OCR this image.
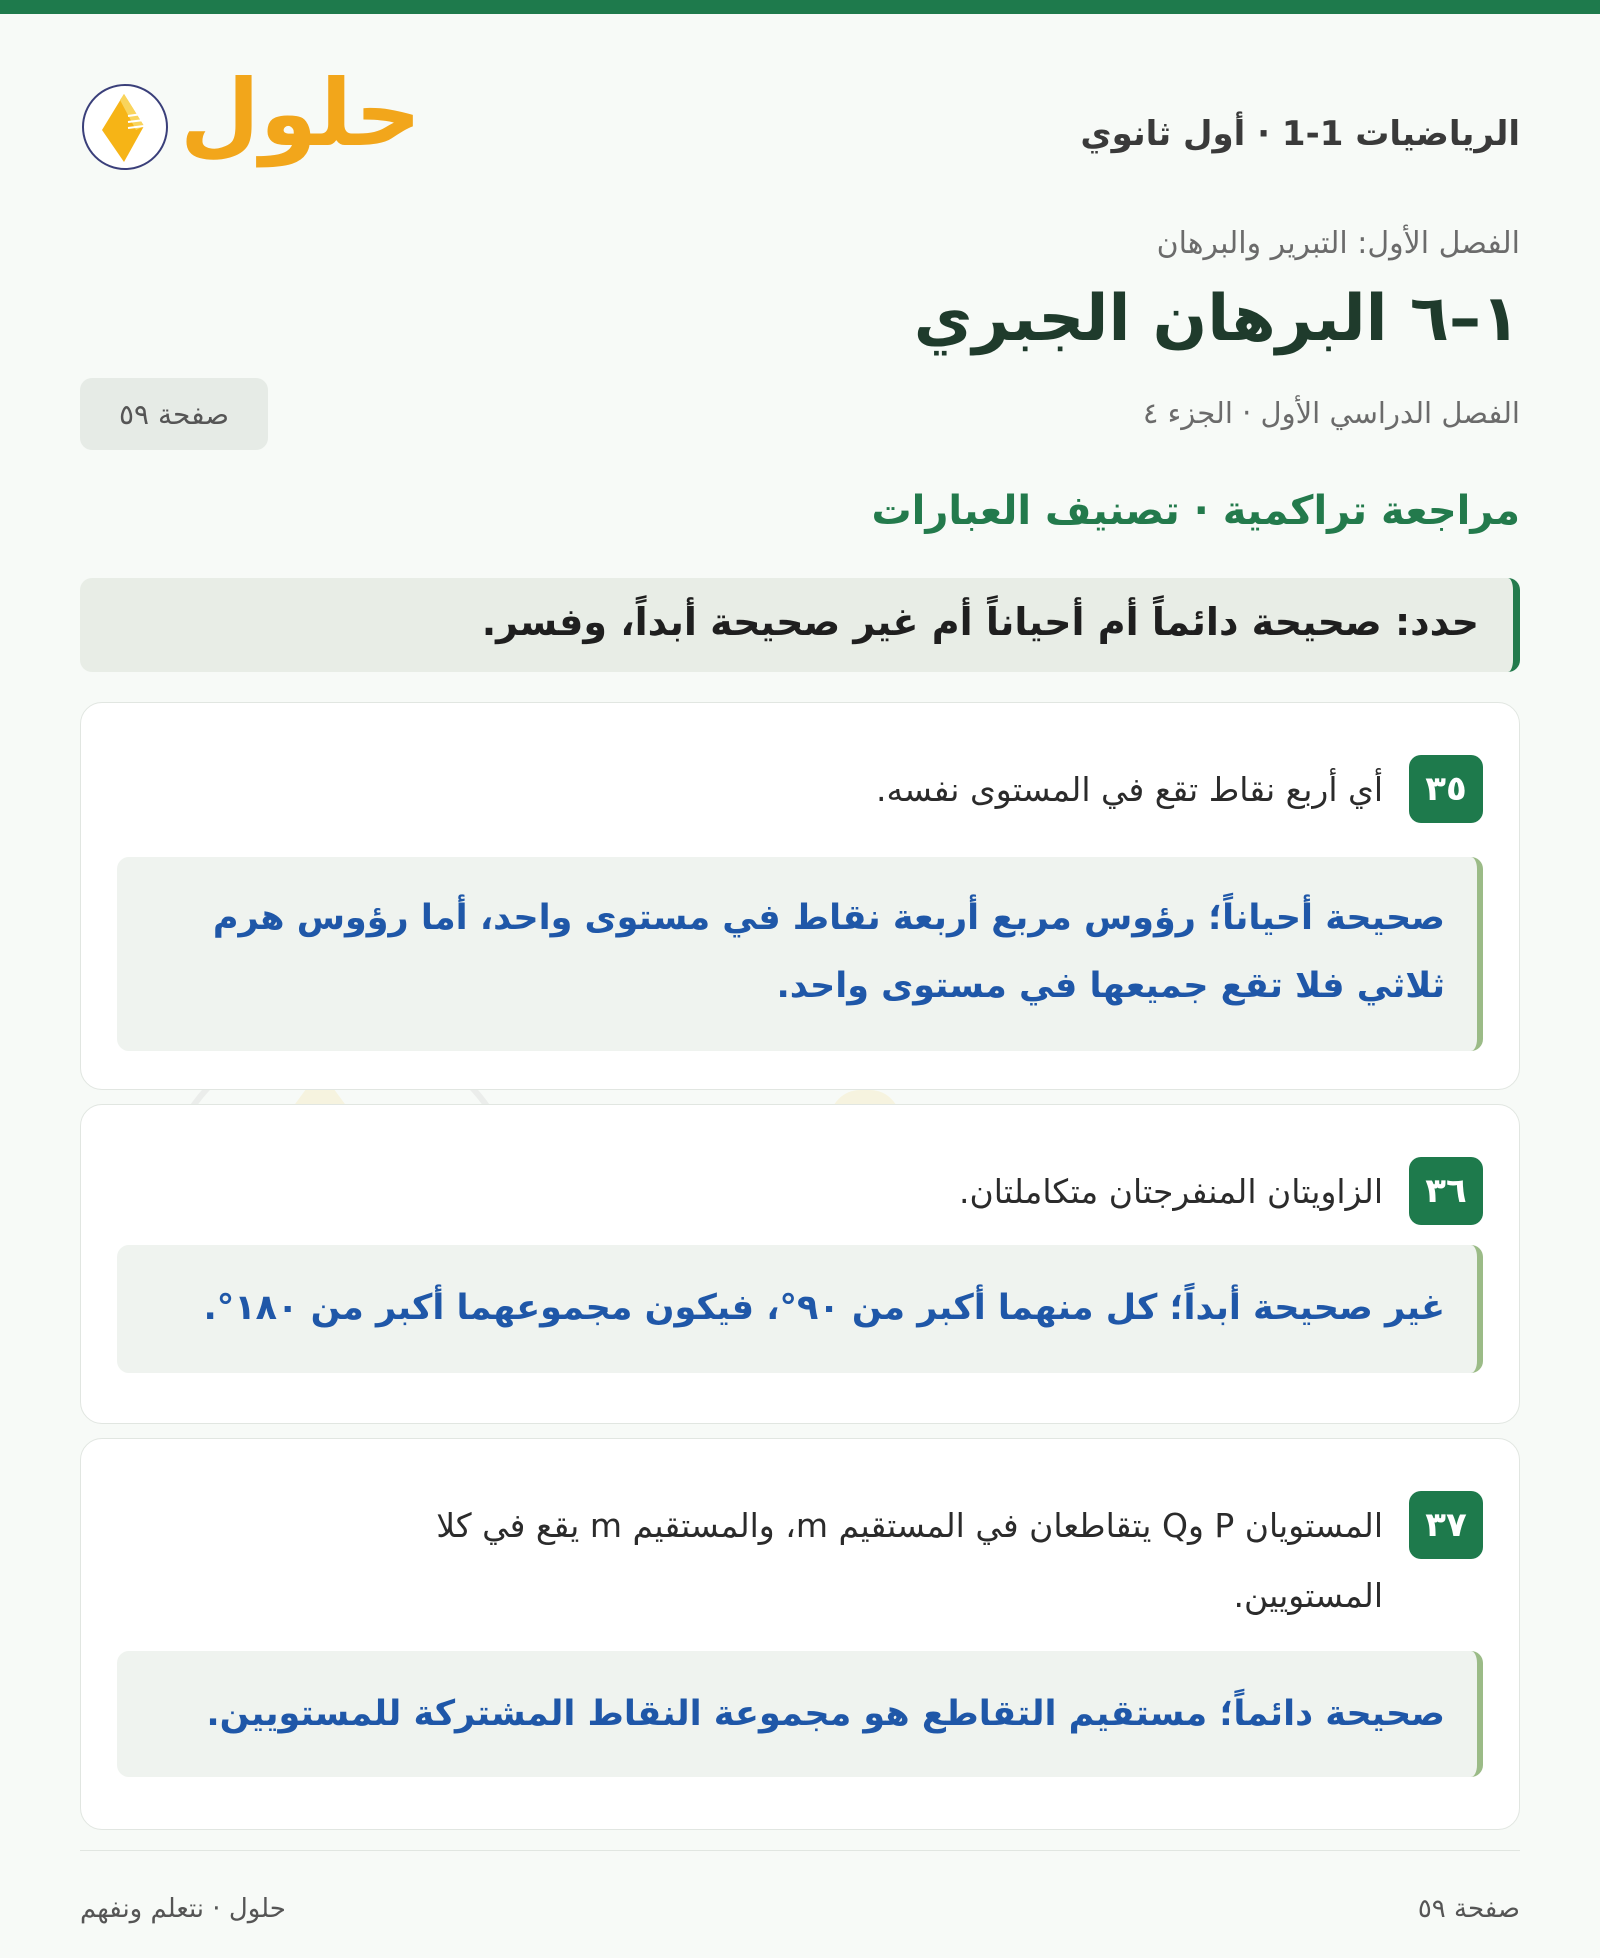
الرياضيات 1-1 · أول ثانوي
حلول
الفصل الأول: التبرير والبرهان
١–٦ البرهان الجبري
الفصل الدراسي الأول · الجزء ٤
صفحة ٥٩
مراجعة تراكمية · تصنيف العبارات
حدد: صحيحة دائماً أم أحياناً أم غير صحيحة أبداً، وفسر.
٣٥
أي أربع نقاط تقع في المستوى نفسه.
صحيحة أحياناً؛ رؤوس مربع أربعة نقاط في مستوى واحد، أما رؤوس هرم
ثلاثي فلا تقع جميعها في مستوى واحد.
٣٦
الزاويتان المنفرجتان متكاملتان.
غير صحيحة أبداً؛ كل منهما أكبر من ٩٠°، فيكون مجموعهما أكبر من ١٨٠°.
٣٧
المستويان P وQ يتقاطعان في المستقيم m، والمستقيم m يقع في كلا
المستويين.
صحيحة دائماً؛ مستقيم التقاطع هو مجموعة النقاط المشتركة للمستويين.
صفحة ٥٩
حلول · نتعلم ونفهم
